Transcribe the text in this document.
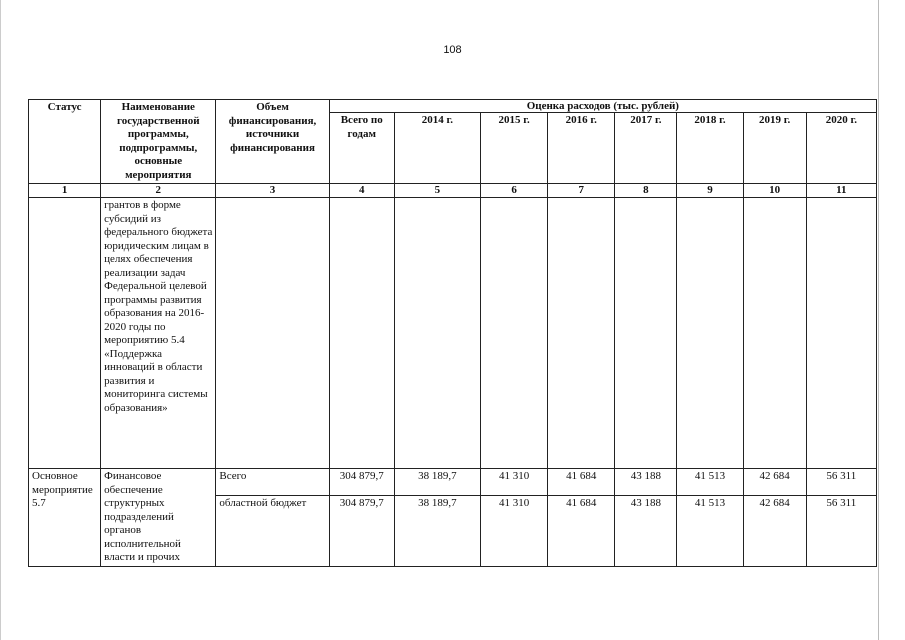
108
Статус	Наименование государственной программы, подпрограммы, основные мероприятия	Объем финансирования, источники финансирования	Оценка расходов (тыс. рублей)							
			Всего по годам	2014 г.	2015 г.	2016 г.	2017 г.	2018 г.	2019 г.	2020 г.
1	2	3	4	5	6	7	8	9	10	11
	грантов в форме субсидий из федерального бюджета юридическим лицам в целях обеспечения реализации задач Федеральной целевой программы развития образования на 2016-2020 годы по мероприятию 5.4 «Поддержка инноваций в области развития и мониторинга системы образования»									
Основное мероприятие 5.7	Финансовое обеспечение структурных подразделений органов исполнительной власти и прочих	Всего	304 879,7	38 189,7	41 310	41 684	43 188	41 513	42 684	56 311
		областной бюджет	304 879,7	38 189,7	41 310	41 684	43 188	41 513	42 684	56 311
